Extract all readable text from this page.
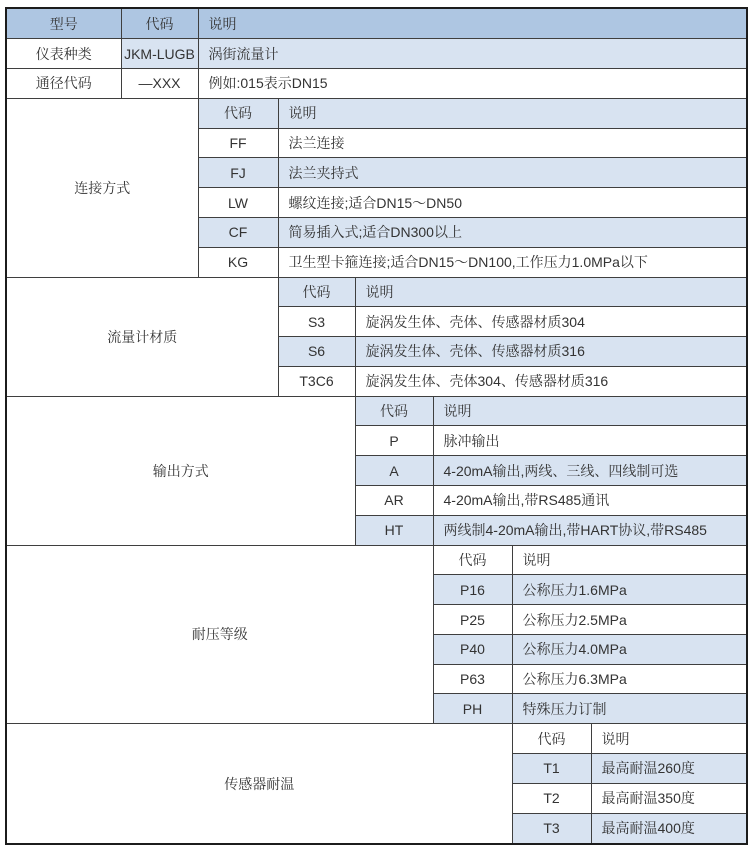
型号	代码	说明					
仪表种类	JKM-LUGB	涡街流量计					
通径代码	—XXX	例如:015表示DN15					
连接方式		代码	说明				
		FF	法兰连接				
		FJ	法兰夹持式				
		LW	螺纹连接;适合DN15～DN50				
		CF	简易插入式;适合DN300以上				
		KG	卫生型卡箍连接;适合DN15～DN100,工作压力1.0MPa以下				
流量计材质			代码	说明			
			S3	旋涡发生体、壳体、传感器材质304			
			S6	旋涡发生体、壳体、传感器材质316			
			T3C6	旋涡发生体、壳体304、传感器材质316			
输出方式				代码	说明		
				P	脉冲输出		
				A	4-20mA输出,两线、三线、四线制可选		
				AR	4-20mA输出,带RS485通讯		
				HT	两线制4-20mA输出,带HART协议,带RS485		
耐压等级					代码	说明	
					P16	公称压力1.6MPa	
					P25	公称压力2.5MPa	
					P40	公称压力4.0MPa	
					P63	公称压力6.3MPa	
					PH	特殊压力订制	
传感器耐温						代码	说明
						T1	最高耐温260度
						T2	最高耐温350度
						T3	最高耐温400度
